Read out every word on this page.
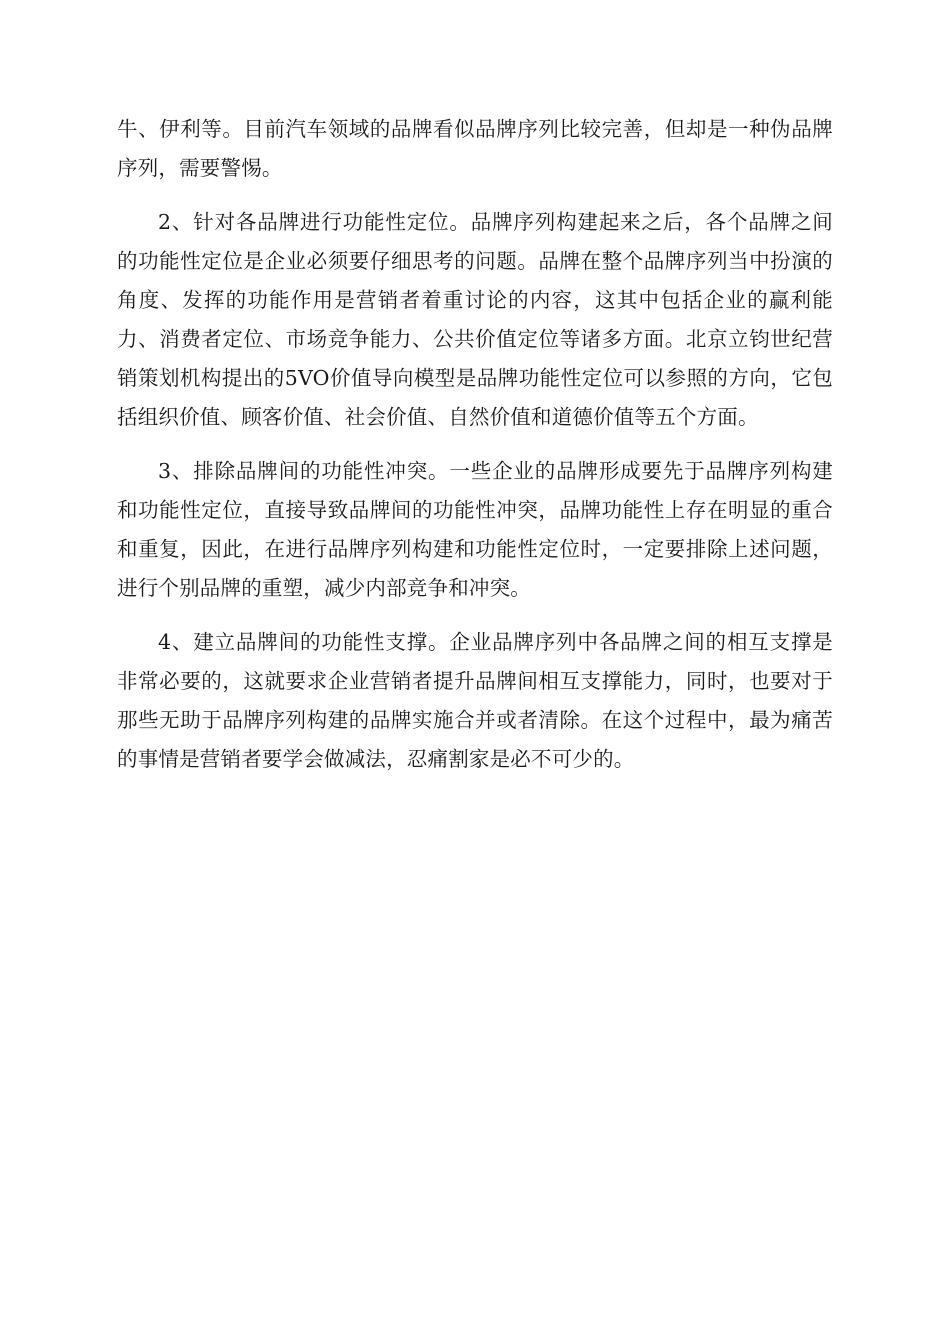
牛、伊利等。目前汽车领域的品牌看似品牌序列比较完善，但却是一种伪品牌序列，需要警惕。

2、针对各品牌进行功能性定位。品牌序列构建起来之后，各个品牌之间的功能性定位是企业必须要仔细思考的问题。品牌在整个品牌序列当中扮演的角度、发挥的功能作用是营销者着重讨论的内容，这其中包括企业的赢利能力、消费者定位、市场竞争能力、公共价值定位等诸多方面。北京立钧世纪营销策划机构提出的5VO价值导向模型是品牌功能性定位可以参照的方向，它包括组织价值、顾客价值、社会价值、自然价值和道德价值等五个方面。

3、排除品牌间的功能性冲突。一些企业的品牌形成要先于品牌序列构建和功能性定位，直接导致品牌间的功能性冲突，品牌功能性上存在明显的重合和重复，因此，在进行品牌序列构建和功能性定位时，一定要排除上述问题，进行个别品牌的重塑，减少内部竞争和冲突。

4、建立品牌间的功能性支撑。企业品牌序列中各品牌之间的相互支撑是非常必要的，这就要求企业营销者提升品牌间相互支撑能力，同时，也要对于那些无助于品牌序列构建的品牌实施合并或者清除。在这个过程中，最为痛苦的事情是营销者要学会做减法，忍痛割家是必不可少的。
